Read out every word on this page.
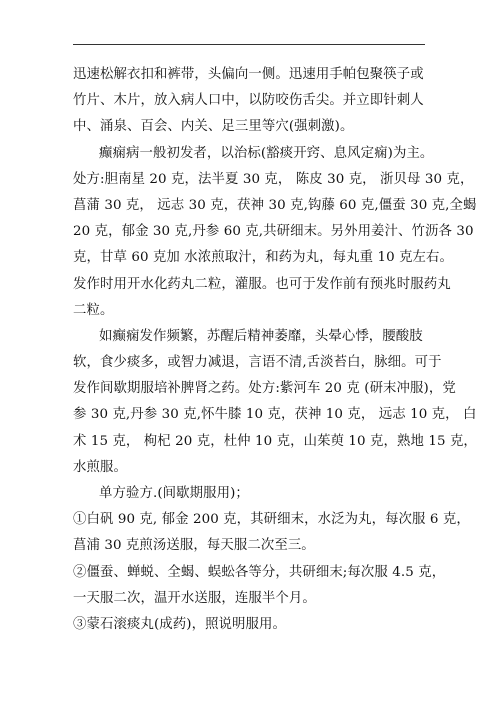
迅速松解衣扣和裤带，头偏向一侧。迅速用手帕包聚筷子或
竹片、木片，放入病人口中，以防咬伤舌尖。并立即针刺人
中、涌泉、百会、内关、足三里等穴(强刺激)。
癫痫病一般初发者，以治标(豁痰开窍、息风定痫)为主。
处方:胆南星 20 克，法半夏 30 克， 陈皮 30 克， 浙贝母 30 克，
菖蒲 30 克， 远志 30 克，茯神 30 克,钩藤 60 克,僵蚕 30 克,全蝎
20 克，郁金 30 克,丹参 60 克,共研细末。另外用姜汁、竹沥各 30
克，甘草 60 克加 水浓煎取汁，和药为丸，每丸重 10 克左右。
发作时用开水化药丸二粒，灌服。也可于发作前有预兆时服药丸
二粒。
如癫痫发作频繁，苏醒后精神萎靡，头晕心悸，腰酸肢
软，食少痰多，或智力减退，言语不清,舌淡苔白，脉细。可于
发作间歇期服培补脾肾之药。处方:紫河车 20 克 (研末冲服)，党
参 30 克,丹参 30 克,怀牛膝 10 克，茯神 10 克， 远志 10 克， 白
术 15 克， 枸杞 20 克，杜仲 10 克，山茱萸 10 克，熟地 15 克，
水煎服。
单方验方.(间歇期服用)；
①白矾 90 克, 郁金 200 克，其研细末，水泛为丸，每次服 6 克，
菖浦 30 克煎汤送服，每天服二次至三。
②僵蚕、蝉蜕、全蝎、蜈蚣各等分，共研细末;每次服 4.5 克，
一天服二次，温开水送服，连服半个月。
③蒙石滚痰丸(成药)，照说明服用。
